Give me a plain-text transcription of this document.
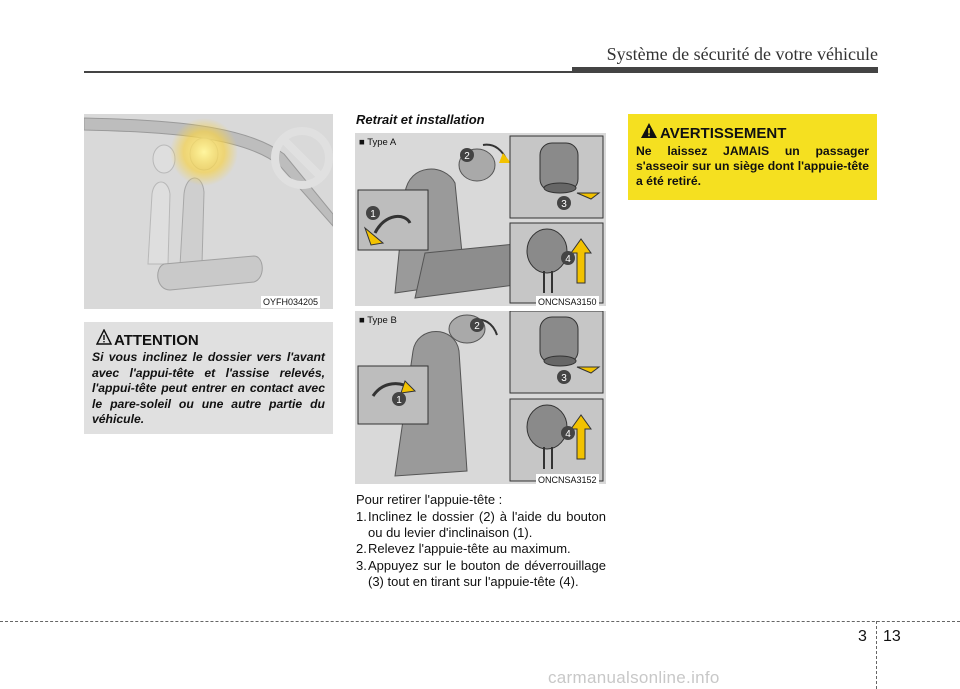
Système de sécurité de votre véhicule
OYFH034205
ATTENTION
Si vous inclinez le dossier vers l'avant avec l'appui-tête et l'assise relevés, l'appui-tête peut entrer en contact avec le pare-soleil ou une autre partie du véhicule.
Retrait et installation
1
2
3
4
■ Type A
ONCNSA3150
1
2
3
4
■ Type B
ONCNSA3152
Pour retirer l'appuie-tête :
1. Inclinez le dossier (2) à l'aide du bouton ou du levier d'inclinaison (1).
2. Relevez l'appuie-tête au maximum.
3. Appuyez sur le bouton de déverrouillage (3) tout en tirant sur l'appuie-tête (4).
AVERTISSEMENT
Ne laissez JAMAIS un passager s'asseoir sur un siège dont l'appuie-tête a été retiré.
3 13
carmanualsonline.info
